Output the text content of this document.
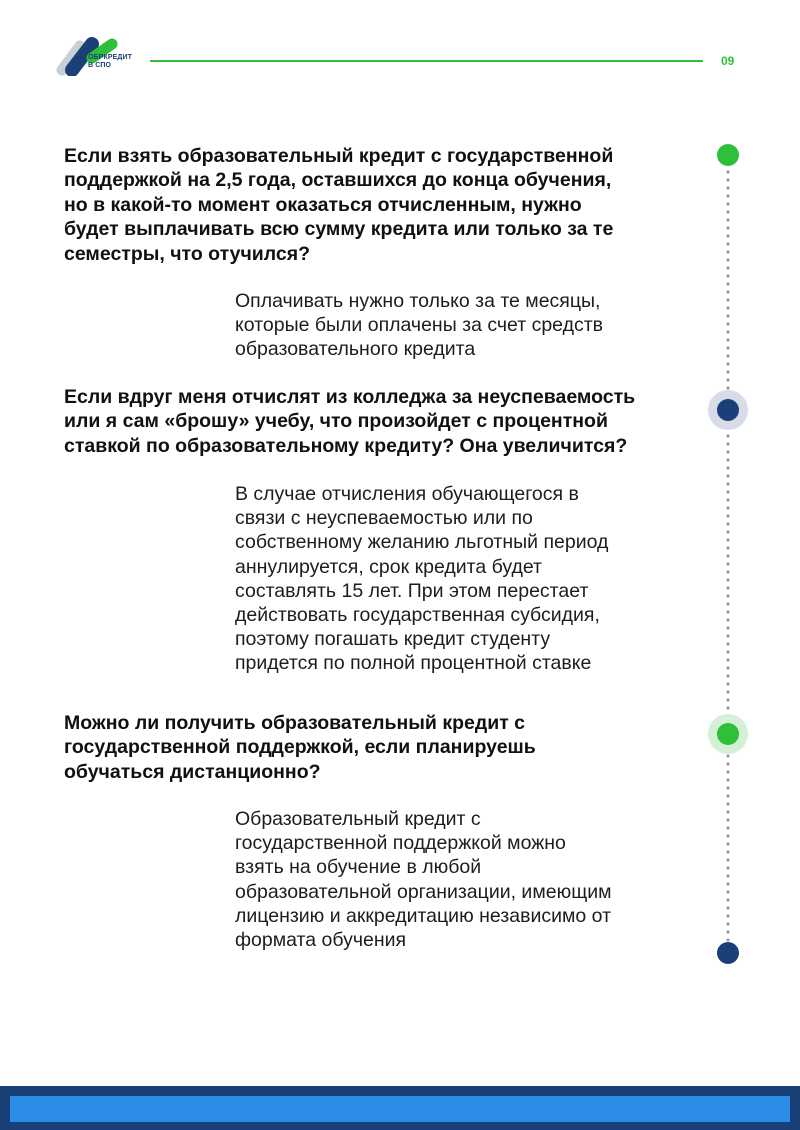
ОБРКРЕДИТ
В СПО	09

Если взять образовательный кредит с государственной
поддержкой на 2,5 года, оставшихся до конца обучения,
но в какой-то момент оказаться отчисленным, нужно
будет выплачивать всю сумму кредита или только за те
семестры, что отучился?

Оплачивать нужно только за те месяцы,
которые были оплачены за счет средств
образовательного кредита

Если вдруг меня отчислят из колледжа за неуспеваемость
или я сам «брошу» учебу, что произойдет с процентной
ставкой по образовательному кредиту? Она увеличится?

В случае отчисления обучающегося в
связи с неуспеваемостью или по
собственному желанию льготный период
аннулируется, срок кредита будет
составлять 15 лет. При этом перестает
действовать государственная субсидия,
поэтому погашать кредит студенту
придется по полной процентной ставке

Можно ли получить образовательный кредит с
государственной поддержкой, если планируешь
обучаться дистанционно?

Образовательный кредит с
государственной поддержкой можно
взять на обучение в любой
образовательной организации, имеющим
лицензию и аккредитацию независимо от
формата обучения
